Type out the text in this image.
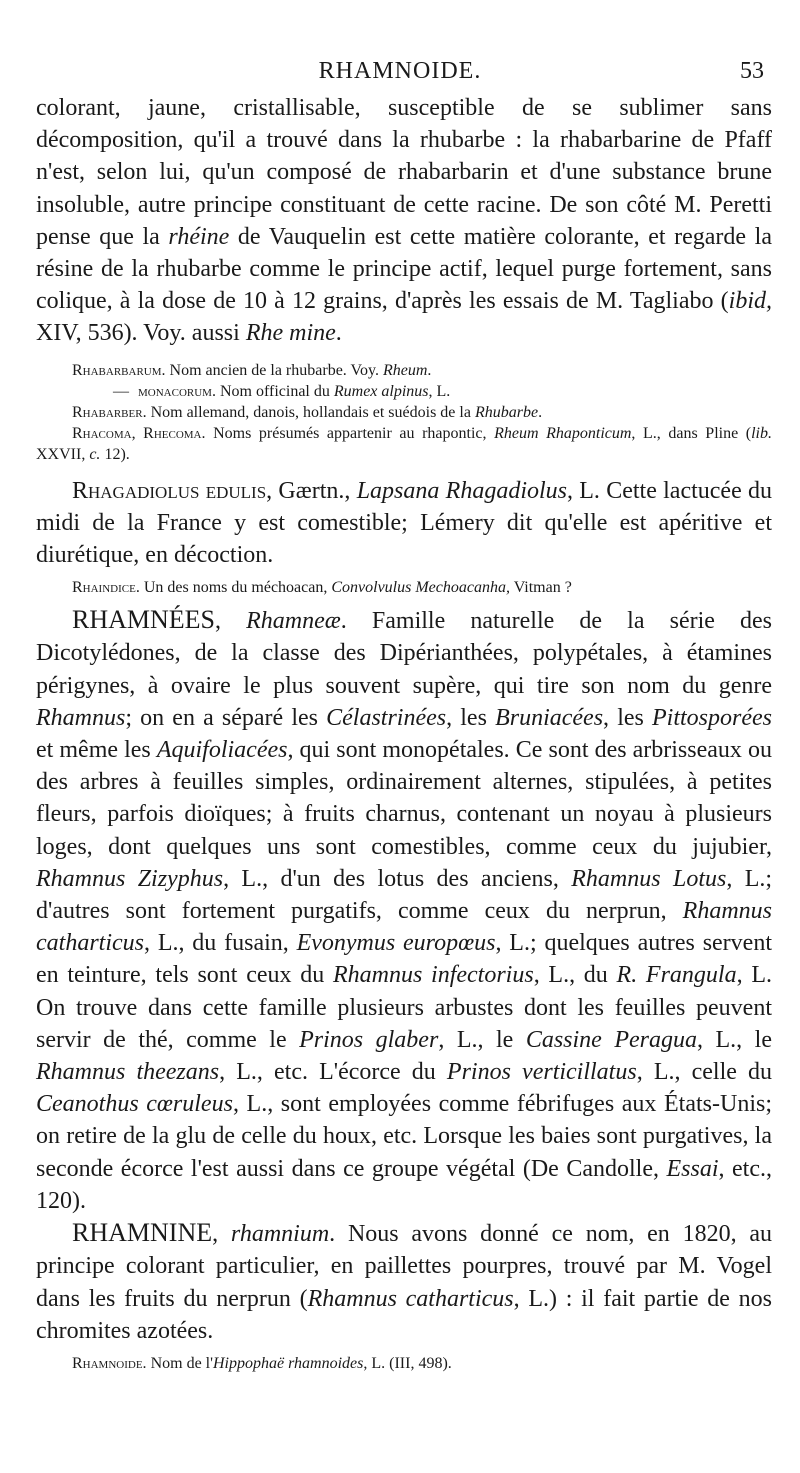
RHAMNOIDE.	53

colorant, jaune, cristallisable, susceptible de se sublimer sans décomposition, qu'il a trouvé dans la rhubarbe : la rhabarbarine de Pfaff n'est, selon lui, qu'un composé de rhabarbarin et d'une substance brune insoluble, autre principe constituant de cette racine. De son côté M. Peretti pense que la rhéine de Vauquelin est cette matière colorante, et regarde la résine de la rhubarbe comme le principe actif, lequel purge fortement, sans colique, à la dose de 10 à 12 grains, d'après les essais de M. Tagliabo (ibid, XIV, 536). Voy. aussi Rhe mine.

Rhabarbarum. Nom ancien de la rhubarbe. Voy. Rheum.

— monacorum. Nom officinal du Rumex alpinus, L.

Rhabarber. Nom allemand, danois, hollandais et suédois de la Rhubarbe.

Rhacoma, Rhecoma. Noms présumés appartenir au rhapontic, Rheum Rhaponticum, L., dans Pline (lib. XXVII, c. 12).

Rhagadiolus edulis, Gærtn., Lapsana Rhagadiolus, L. Cette lactucée du midi de la France y est comestible; Lémery dit qu'elle est apéritive et diurétique, en décoction.

Rhaindice. Un des noms du méchoacan, Convolvulus Mechoacanha, Vitman ?

RHAMNÉES, Rhamneæ. Famille naturelle de la série des Dicotylédones, de la classe des Dipérianthées, polypétales, à étamines périgynes, à ovaire le plus souvent supère, qui tire son nom du genre Rhamnus; on en a séparé les Célastrinées, les Bruniacées, les Pittosporées et même les Aquifoliacées, qui sont monopétales. Ce sont des arbrisseaux ou des arbres à feuilles simples, ordinairement alternes, stipulées, à petites fleurs, parfois dioïques; à fruits charnus, contenant un noyau à plusieurs loges, dont quelques uns sont comestibles, comme ceux du jujubier, Rhamnus Zizyphus, L., d'un des lotus des anciens, Rhamnus Lotus, L.; d'autres sont fortement purgatifs, comme ceux du nerprun, Rhamnus catharticus, L., du fusain, Evonymus europœus, L.; quelques autres servent en teinture, tels sont ceux du Rhamnus infectorius, L., du R. Frangula, L. On trouve dans cette famille plusieurs arbustes dont les feuilles peuvent servir de thé, comme le Prinos glaber, L., le Cassine Peragua, L., le Rhamnus theezans, L., etc. L'écorce du Prinos verticillatus, L., celle du Ceanothus cœruleus, L., sont employées comme fébrifuges aux États-Unis; on retire de la glu de celle du houx, etc. Lorsque les baies sont purgatives, la seconde écorce l'est aussi dans ce groupe végétal (De Candolle, Essai, etc., 120).

RHAMNINE, rhamnium. Nous avons donné ce nom, en 1820, au principe colorant particulier, en paillettes pourpres, trouvé par M. Vogel dans les fruits du nerprun (Rhamnus catharticus, L.) : il fait partie de nos chromites azotées.

Rhamnoide. Nom de l'Hippophaë rhamnoides, L. (III, 498).
